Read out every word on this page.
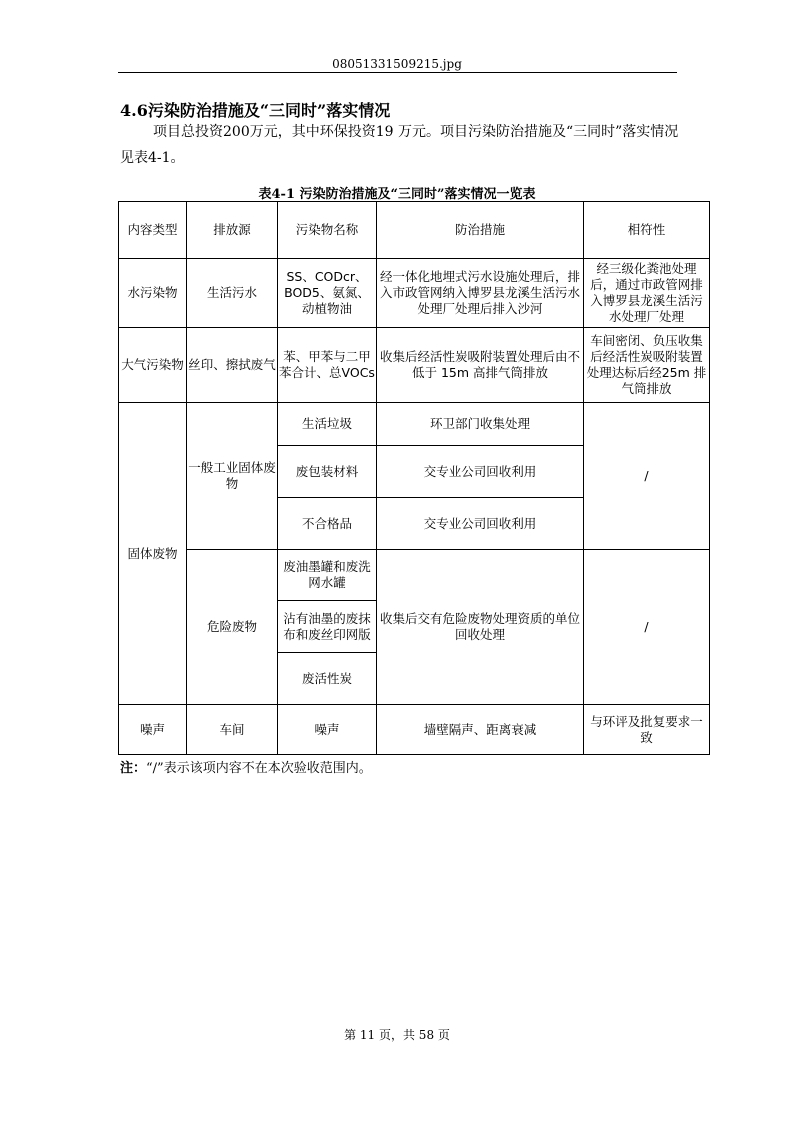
08051331509215.jpg
4.6污染防治措施及“三同时”落实情况
项目总投资200万元，其中环保投资19 万元。项目污染防治措施及“三同时”落实情况见表4-1。
表4-1 污染防治措施及“三同时”落实情况一览表
内容类型	排放源	污染物名称	防治措施	相符性
水污染物	生活污水	SS、CODcr、BOD5、氨氮、动植物油	经一体化地埋式污水设施处理后，排入市政管网纳入博罗县龙溪生活污水处理厂处理后排入沙河	经三级化粪池处理后，通过市政管网排入博罗县龙溪生活污水处理厂处理
大气污染物	丝印、擦拭废气	苯、甲苯与二甲苯合计、总VOCs	收集后经活性炭吸附装置处理后由不低于 15m 高排气筒排放	车间密闭、负压收集后经活性炭吸附装置处理达标后经25m 排气筒排放
固体废物	一般工业固体废物	生活垃圾	环卫部门收集处理	/
		废包装材料	交专业公司回收利用	
		不合格品	交专业公司回收利用	
	危险废物	废油墨罐和废洗网水罐	收集后交有危险废物处理资质的单位回收处理	/
		沾有油墨的废抹布和废丝印网版		
		废活性炭		
噪声	车间	噪声	墙壁隔声、距离衰减	与环评及批复要求一致
注：“/”表示该项内容不在本次验收范围内。
第 11 页，共 58 页
